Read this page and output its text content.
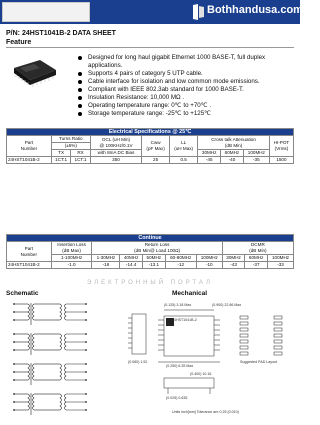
Bothhandusa.com
P/N: 24HST1041B-2 DATA SHEET
Feature
Designed for long haul gigabit Ethernet 1000 BASE-T, full duplex applications.
Supports 4 pairs of category 5 UTP cable.
Cable interface for isolation and low common mode emissions.
Compliant with IEEE 802.3ab standard for 1000 BASE-T.
Insulation Resistance: 10,000 MΩ .
Operating temperature range: 0℃ to +70℃ .
Storage temperature range: -25℃ to +125℃
Electrical Specifications @ 25℃									
Part
Number	Turns Ratio		OCL (uH Min)
@ 100KHz/0.1V	Cww
(pF Max)	LL
(uH Max)	Cross talk Attenuation
(dB Min)			HI-POT
(Vrms)
	(±5%)								
	TX	RX	with 8mA DC Bias			30MHz	60MHz	100MHz	
24HST1041B-2	1CT:1	1CT:1	350	25	0.5	-45	-40	-35	1500
Continue									
Part
Number	Insertion Loss
(dB Max)	Return Loss
(dB Min@ Load 100Ω)					DCMR
(dB Min)		

	1-100MHz	1-30MHz	40MHz	50MHz	60-80MHz	100MHz	30MHz	60MHz	100MHz
24HST1041B-2	-1.0	-18	-14.4	-13.1	-12	-10	-43	-37	-33
ЭЛЕКТРОННЫЙ ПОРТАЛ
Schematic	Mechanical
24HST1041B-2
(0.125) 3.18 Max	(0.900) 22.86 Max
(0.250) 6.35 Max
(0.060) 1.52
(0.400) 10.16
(0.025) 0.635
Suggested PAD Layout
Units inch[mm] Tolerance are 0.25 (0.010)
